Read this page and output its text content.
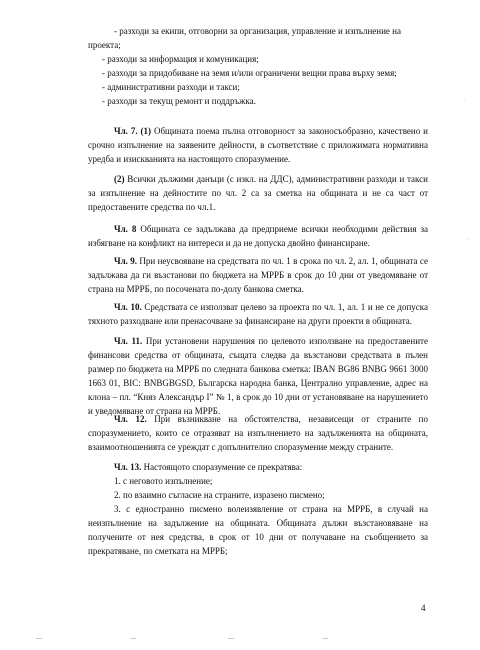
- разходи за екипи, отговорни за организация, управление и изпълнение на

проекта;

- разходи за информация и комуникация;

- разходи за придобиване на земя и/или ограничени вещни права върху земя;

- административни разходи и такси;

- разходи за текущ ремонт и поддръжка.

Чл. 7. (1) Общината поема пълна отговорност за законосъобразно, качествено и срочно изпълнение на заявените дейности, в съответствие с приложимата нормативна уредба и изискванията на настоящото споразумение.

(2) Всички дължими данъци (с изкл. на ДДС), административни разходи и такси за изпълнение на дейностите по чл. 2 са за сметка на общината и не са част от предоставените средства по чл.1.

Чл. 8 Общината се задължава да предприеме всички необходими действия за избягване на конфликт на интереси и да не допуска двойно финансиране.

Чл. 9. При неусвояване на средствата по чл. 1 в срока по чл. 2, ал. 1, общината се задължава да ги възстанови по бюджета на МРРБ в срок до 10 дни от уведомяване от страна на МРРБ, по посочената по-долу банкова сметка.

Чл. 10. Средствата се използват целево за проекта по чл. 1, ал. 1 и не се допуска тяхното разходване или пренасочване за финансиране на други проекти в общината.

Чл. 11. При установени нарушения по целевото използване на предоставените финансови средства от общината, същата следва да възстанови средствата в пълен размер по бюджета на МРРБ по следната банкова сметка: IBAN BG86 BNBG 9661 3000 1663 01, BIC: BNBGBGSD, Българска народна банка, Централно управление, адрес на клона – пл. “Княз Александър I” № 1, в срок до 10 дни от установяване на нарушението и уведомяване от страна на МРРБ.

Чл. 12. При възникване на обстоятелства, независещи от страните по споразумението, които се отразяват на изпълнението на задълженията на общината, взаимоотношенията се уреждат с допълнително споразумение между страните.

Чл. 13. Настоящото споразумение се прекратява:

1. с неговото изпълнение;

2. по взаимно съгласие на страните, изразено писмено;

3. с едностранно писмено волеизявление от страна на МРРБ, в случай на неизпълнение на задължение на общината. Общината дължи възстановяване на получените от нея средства, в срок от 10 дни от получаване на съобщението за прекратяване, по сметката на МРРБ;

4
·
·
